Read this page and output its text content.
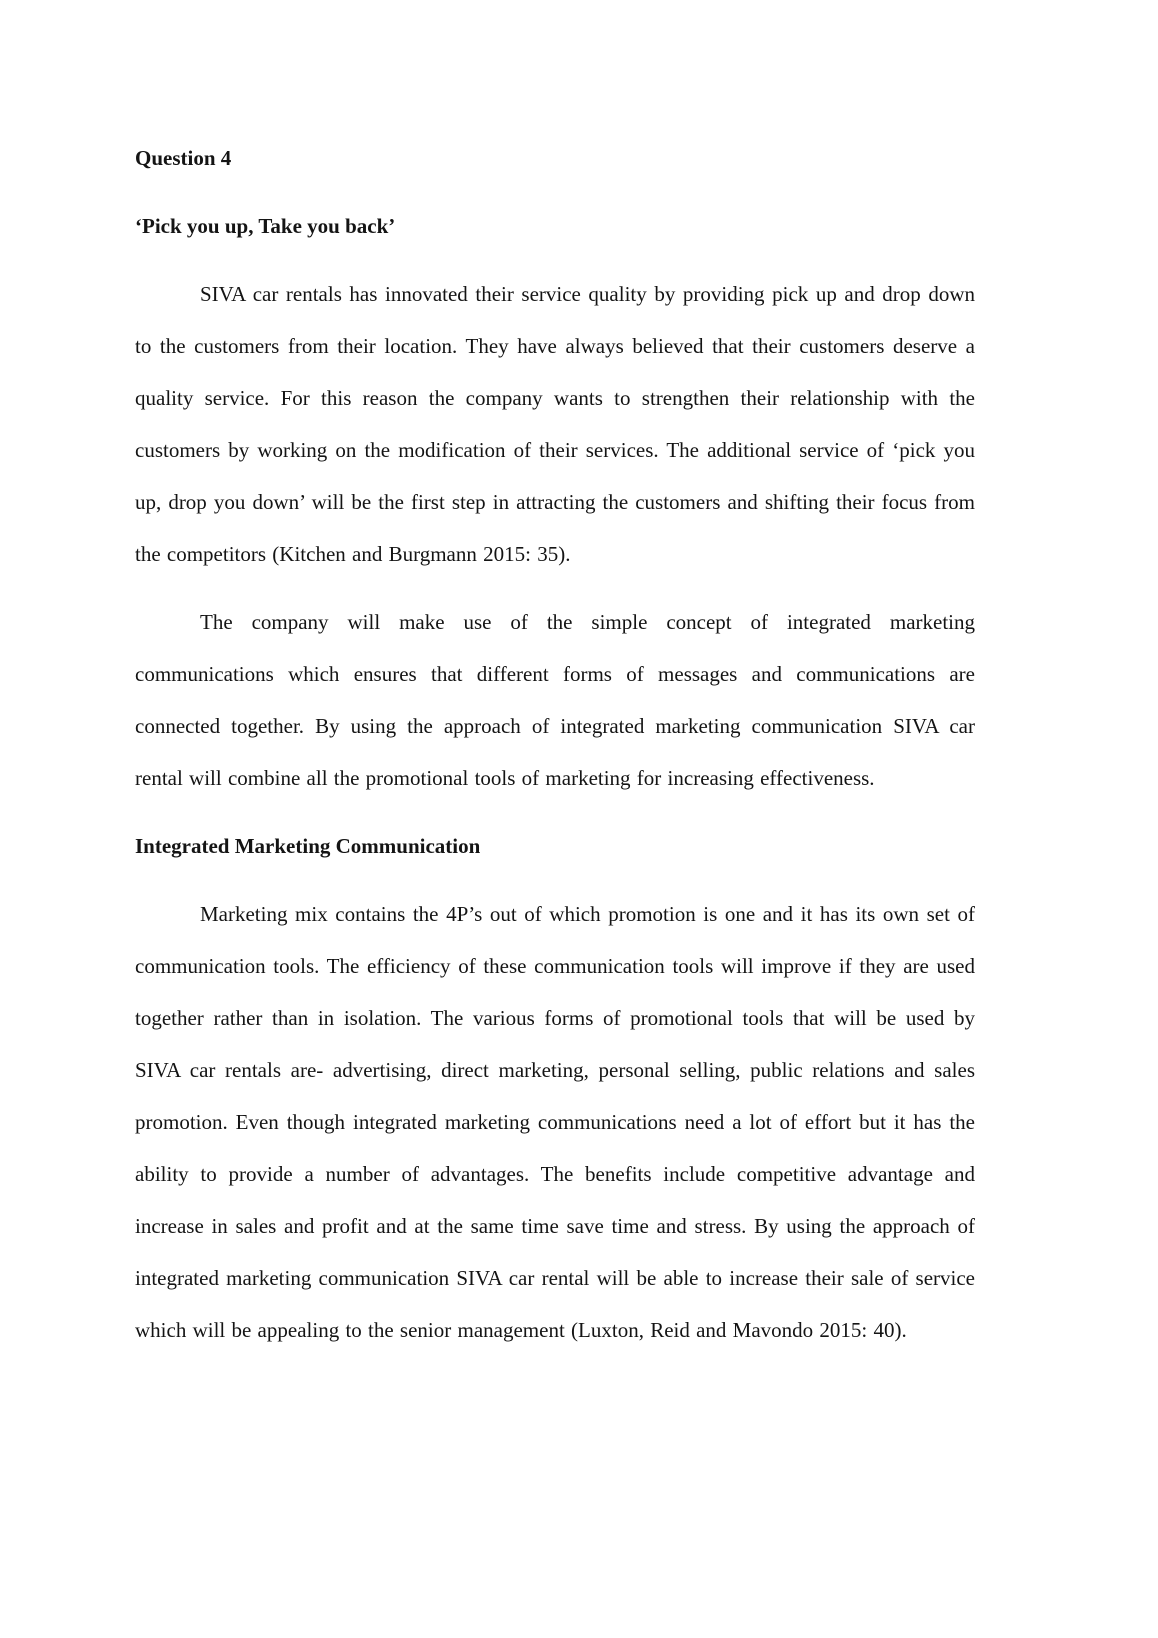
Question 4
‘Pick you up, Take you back’

SIVA car rentals has innovated their service quality by providing pick up and drop down to the customers from their location. They have always believed that their customers deserve a quality service. For this reason the company wants to strengthen their relationship with the customers by working on the modification of their services. The additional service of ‘pick you up, drop you down’ will be the first step in attracting the customers and shifting their focus from the competitors (Kitchen and Burgmann 2015: 35).

The company will make use of the simple concept of integrated marketing communications which ensures that different forms of messages and communications are connected together. By using the approach of integrated marketing communication SIVA car rental will combine all the promotional tools of marketing for increasing effectiveness.

Integrated Marketing Communication

Marketing mix contains the 4P’s out of which promotion is one and it has its own set of communication tools. The efficiency of these communication tools will improve if they are used together rather than in isolation. The various forms of promotional tools that will be used by SIVA car rentals are- advertising, direct marketing, personal selling, public relations and sales promotion. Even though integrated marketing communications need a lot of effort but it has the ability to provide a number of advantages. The benefits include competitive advantage and increase in sales and profit and at the same time save time and stress. By using the approach of integrated marketing communication SIVA car rental will be able to increase their sale of service which will be appealing to the senior management (Luxton, Reid and Mavondo 2015: 40).
